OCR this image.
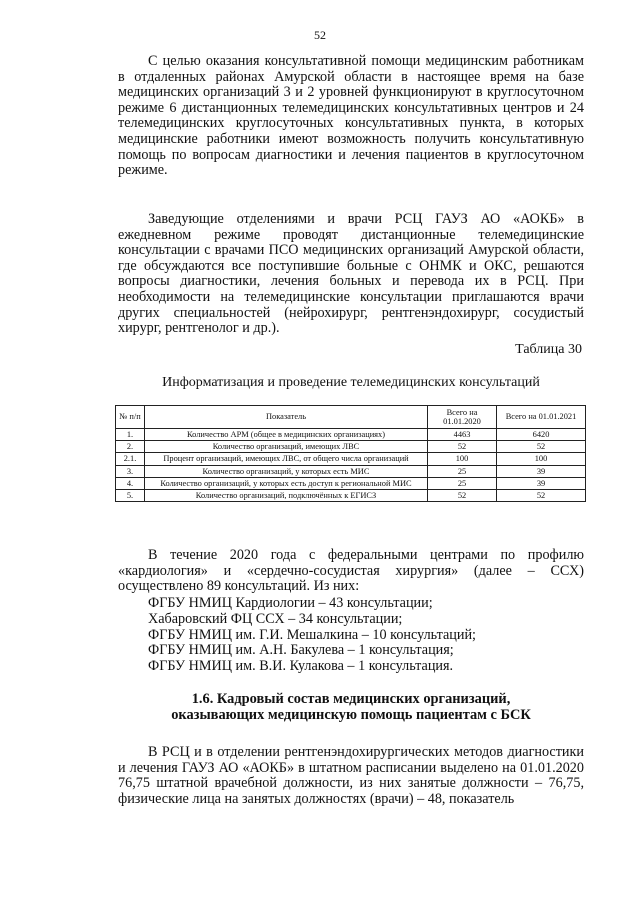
52

С целью оказания консультативной помощи медицинским работникам в отдаленных районах Амурской области в настоящее время на базе медицинских организаций 3 и 2 уровней функционируют в круглосуточном режиме 6 дистанционных телемедицинских консультативных центров и 24 телемедицинских круглосуточных консультативных пункта, в которых медицинские работники имеют возможность получить консультативную помощь по вопросам диагностики и лечения пациентов в круглосуточном режиме.

Заведующие отделениями и врачи РСЦ ГАУЗ АО «АОКБ» в ежедневном режиме проводят дистанционные телемедицинские консультации с врачами ПСО медицинских организаций Амурской области, где обсуждаются все поступившие больные с ОНМК и ОКС, решаются вопросы диагностики, лечения больных и перевода их в РСЦ. При необходимости на телемедицинские консультации приглашаются врачи других специальностей (нейрохирург, рентгенэндохирург, сосудистый хирург, рентгенолог и др.).

Таблица 30
Информатизация и проведение телемедицинских консультаций
№ п/п	Показатель	Всего на 01.01.2020	Всего на 01.01.2021
1.	Количество АРМ (общее в медицинских организациях)	4463	6420
2.	Количество организаций, имеющих ЛВС	52	52
2.1.	Процент организаций, имеющих ЛВС, от общего числа организаций	100	100
3.	Количество организаций, у которых есть МИС	25	39
4.	Количество организаций, у которых есть доступ к региональной МИС	25	39
5.	Количество организаций, подключённых к ЕГИСЗ	52	52

В течение 2020 года с федеральными центрами по профилю «кардиология» и «сердечно-сосудистая хирургия» (далее – ССХ) осуществлено 89 консультаций. Из них:

ФГБУ НМИЦ Кардиологии – 43 консультации;
Хабаровский ФЦ ССХ – 34 консультации;
ФГБУ НМИЦ им. Г.И. Мешалкина – 10 консультаций;
ФГБУ НМИЦ им. А.Н. Бакулева – 1 консультация;
ФГБУ НМИЦ им. В.И. Кулакова – 1 консультация.
1.6. Кадровый состав медицинских организаций,
оказывающих медицинскую помощь пациентам с БСК

В РСЦ и в отделении рентгенэндохирургических методов диагностики и лечения ГАУЗ АО «АОКБ» в штатном расписании выделено на 01.01.2020 76,75 штатной врачебной должности, из них занятые должности – 76,75, физические лица на занятых должностях (врачи) – 48, показатель
